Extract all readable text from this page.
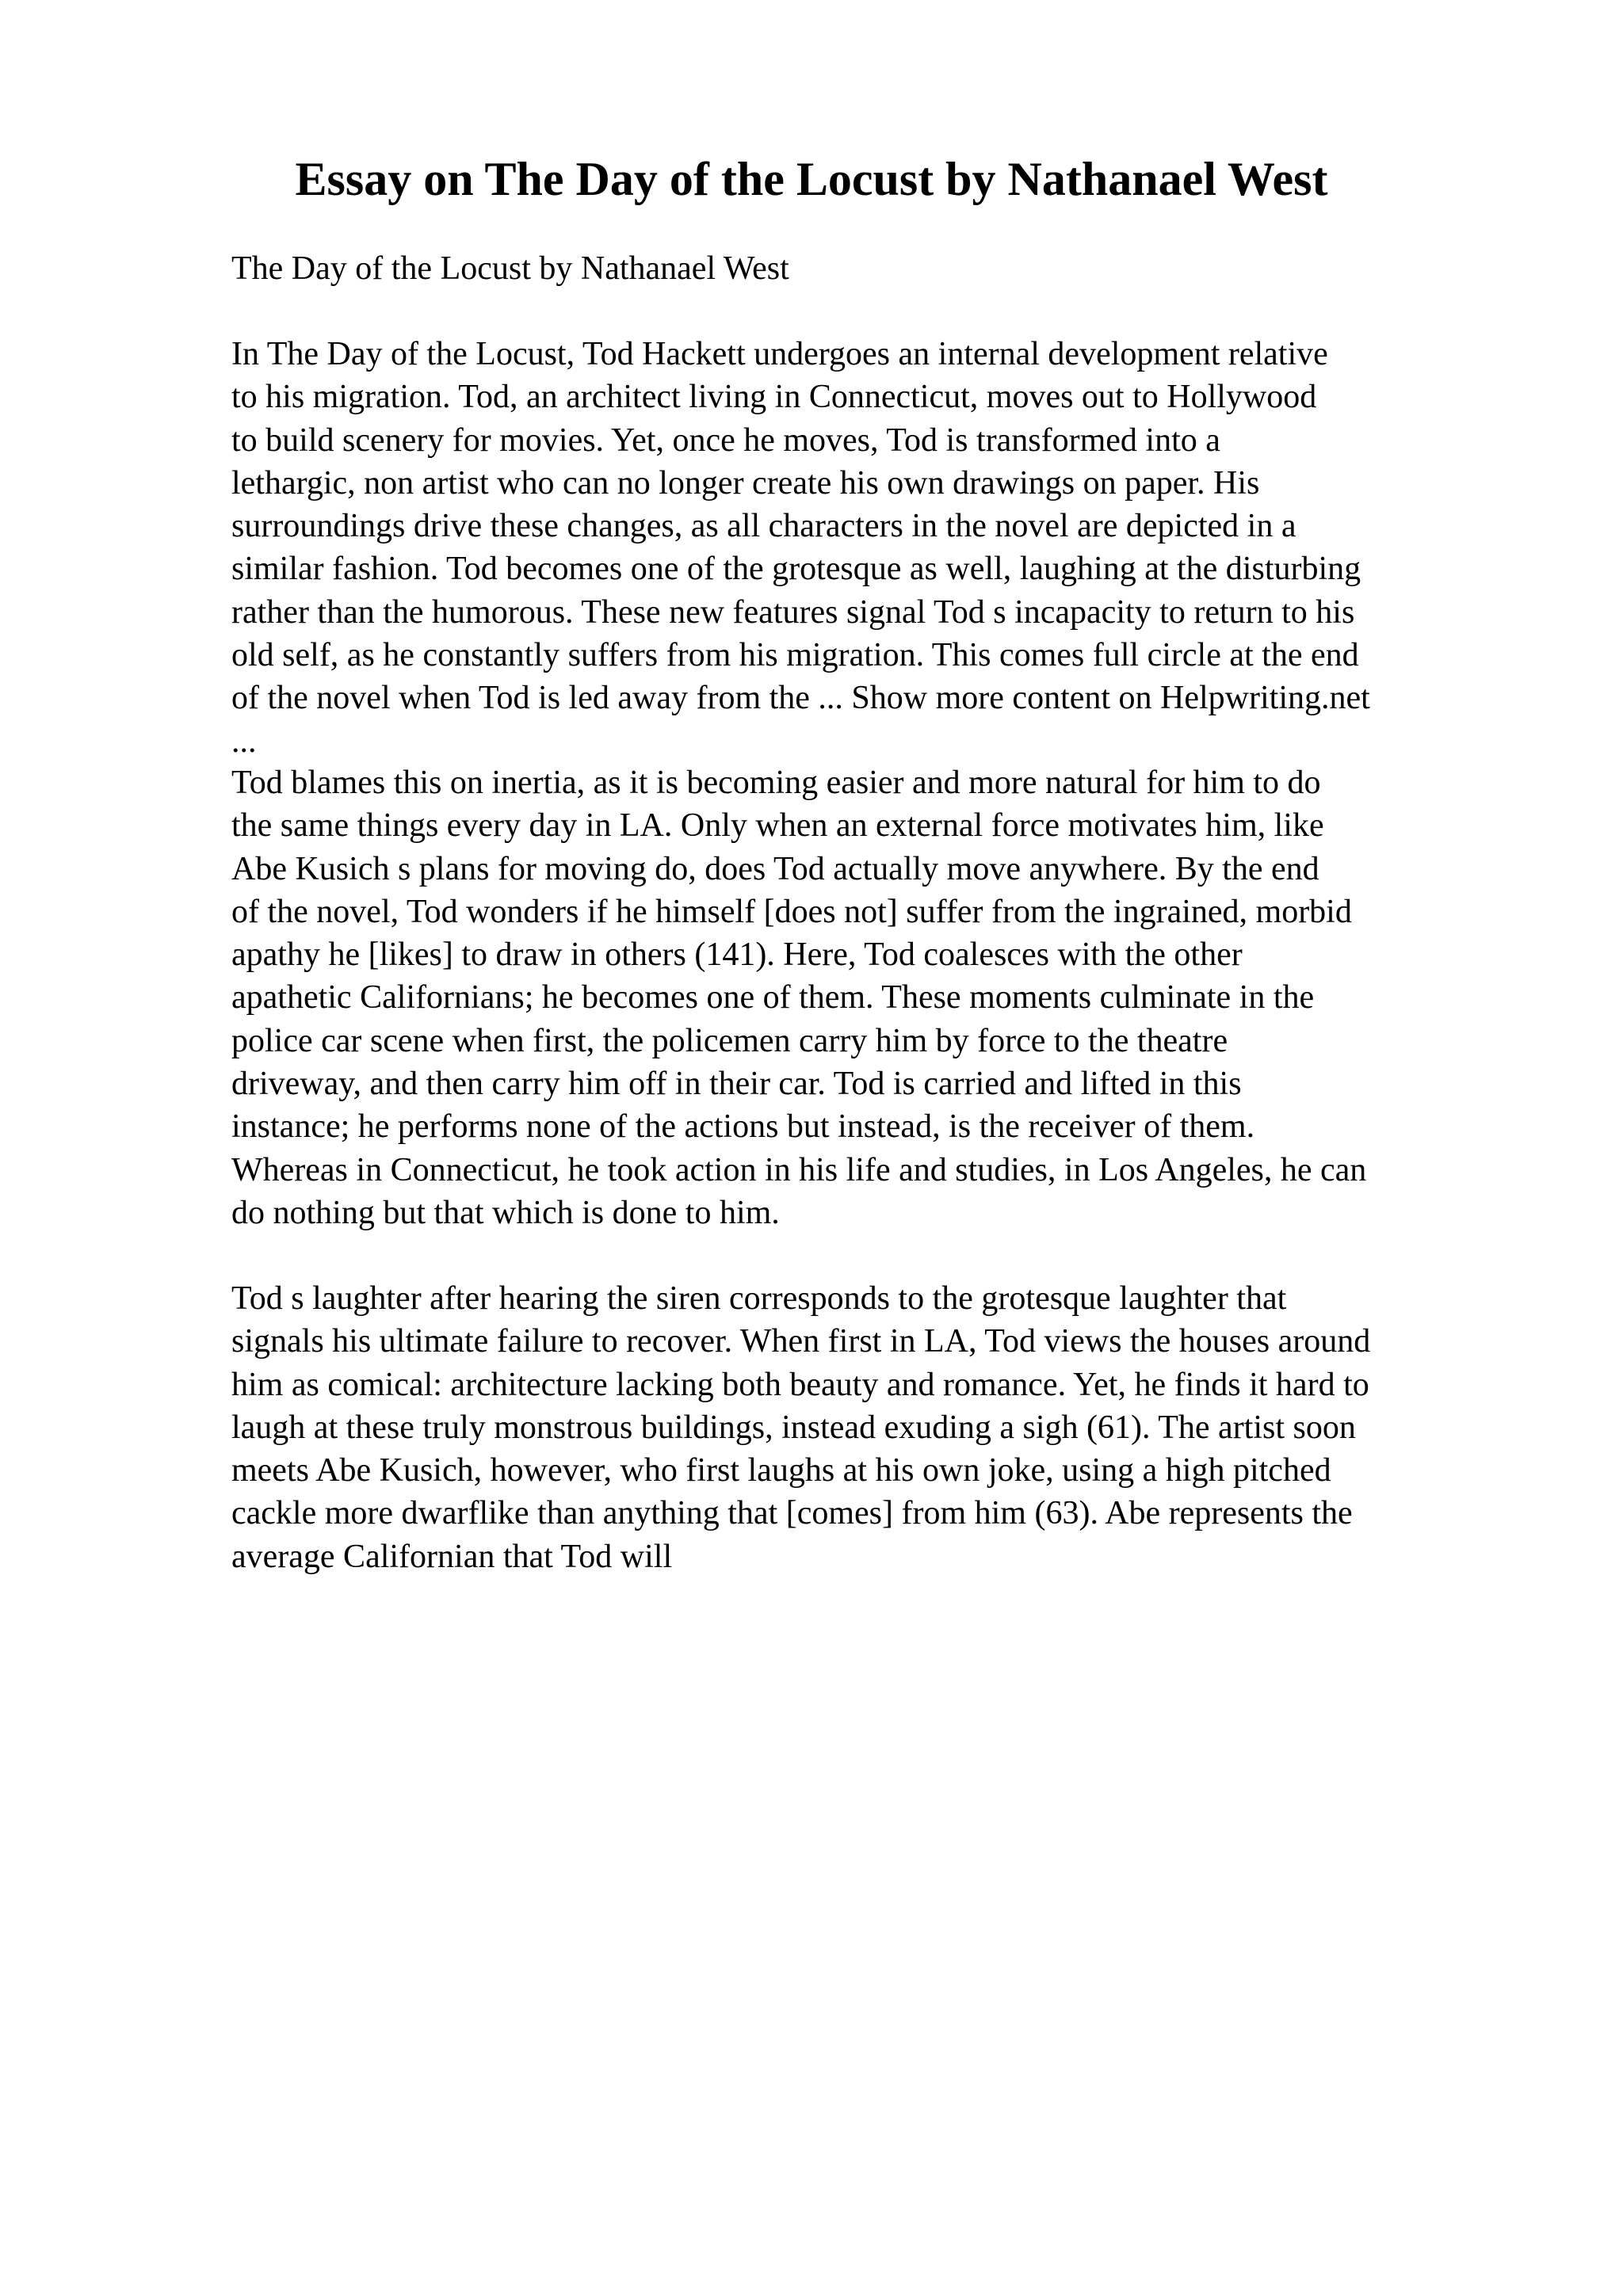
Essay on The Day of the Locust by Nathanael West

The Day of the Locust by Nathanael West

In The Day of the Locust, Tod Hackett undergoes an internal development relative
to his migration. Tod, an architect living in Connecticut, moves out to Hollywood
to build scenery for movies. Yet, once he moves, Tod is transformed into a
lethargic, non artist who can no longer create his own drawings on paper. His
surroundings drive these changes, as all characters in the novel are depicted in a
similar fashion. Tod becomes one of the grotesque as well, laughing at the disturbing
rather than the humorous. These new features signal Tod s incapacity to return to his
old self, as he constantly suffers from his migration. This comes full circle at the end
of the novel when Tod is led away from the ... Show more content on Helpwriting.net
...
Tod blames this on inertia, as it is becoming easier and more natural for him to do
the same things every day in LA. Only when an external force motivates him, like
Abe Kusich s plans for moving do, does Tod actually move anywhere. By the end
of the novel, Tod wonders if he himself [does not] suffer from the ingrained, morbid
apathy he [likes] to draw in others (141). Here, Tod coalesces with the other
apathetic Californians; he becomes one of them. These moments culminate in the
police car scene when first, the policemen carry him by force to the theatre
driveway, and then carry him off in their car. Tod is carried and lifted in this
instance; he performs none of the actions but instead, is the receiver of them.
Whereas in Connecticut, he took action in his life and studies, in Los Angeles, he can
do nothing but that which is done to him.
Tod s laughter after hearing the siren corresponds to the grotesque laughter that
signals his ultimate failure to recover. When first in LA, Tod views the houses around
him as comical: architecture lacking both beauty and romance. Yet, he finds it hard to
laugh at these truly monstrous buildings, instead exuding a sigh (61). The artist soon
meets Abe Kusich, however, who first laughs at his own joke, using a high pitched
cackle more dwarflike than anything that [comes] from him (63). Abe represents the
average Californian that Tod will
